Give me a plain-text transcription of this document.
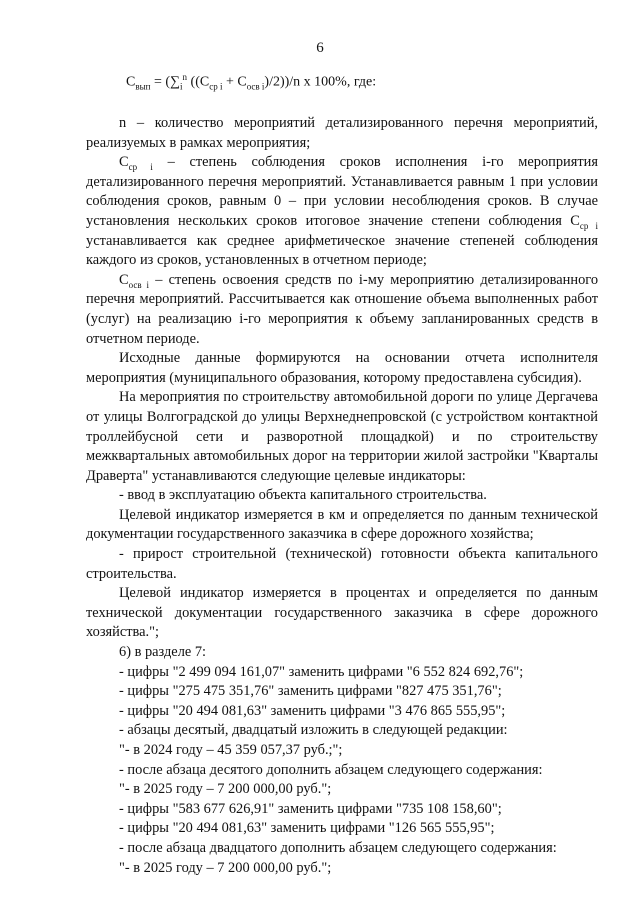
6
$C_{вып} = (\sum_i^n$ $((C_{ср i} + C_{осв i})/2))/n$ x 100%, где:

n – количество мероприятий детализированного перечня мероприятий, реализуемых в рамках мероприятия;

$C_{ср i}$ – степень соблюдения сроков исполнения i-го мероприятия детализированного перечня мероприятий. Устанавливается равным 1 при условии соблюдения сроков, равным 0 – при условии несоблюдения сроков. В случае установления нескольких сроков итоговое значение степени соблюдения $C_{ср i}$ устанавливается как среднее арифметическое значение степеней соблюдения каждого из сроков, установленных в отчетном периоде;

$C_{осв i}$ – степень освоения средств по i-му мероприятию детализированного перечня мероприятий. Рассчитывается как отношение объема выполненных работ (услуг) на реализацию i-го мероприятия к объему запланированных средств в отчетном периоде.

Исходные данные формируются на основании отчета исполнителя мероприятия (муниципального образования, которому предоставлена субсидия).

На мероприятия по строительству автомобильной дороги по улице Дергачева от улицы Волгоградской до улицы Верхнеднепровской (с устройством контактной троллейбусной сети и разворотной площадкой) и по строительству межквартальных автомобильных дорог на территории жилой застройки "Кварталы Драверта" устанавливаются следующие целевые индикаторы:

- ввод в эксплуатацию объекта капитального строительства.

Целевой индикатор измеряется в км и определяется по данным технической документации государственного заказчика в сфере дорожного хозяйства;

- прирост строительной (технической) готовности объекта капитального строительства.

Целевой индикатор измеряется в процентах и определяется по данным технической документации государственного заказчика в сфере дорожного хозяйства.";

6) в разделе 7:

- цифры "2 499 094 161,07" заменить цифрами "6 552 824 692,76";

- цифры "275 475 351,76" заменить цифрами "827 475 351,76";

- цифры "20 494 081,63" заменить цифрами "3 476 865 555,95";

- абзацы десятый, двадцатый изложить в следующей редакции:

"- в 2024 году – 45 359 057,37 руб.;";

- после абзаца десятого дополнить абзацем следующего содержания:

"- в 2025 году – 7 200 000,00 руб.";

- цифры "583 677 626,91" заменить цифрами "735 108 158,60";

- цифры "20 494 081,63" заменить цифрами "126 565 555,95";

- после абзаца двадцатого дополнить абзацем следующего содержания:

"- в 2025 году – 7 200 000,00 руб.";
